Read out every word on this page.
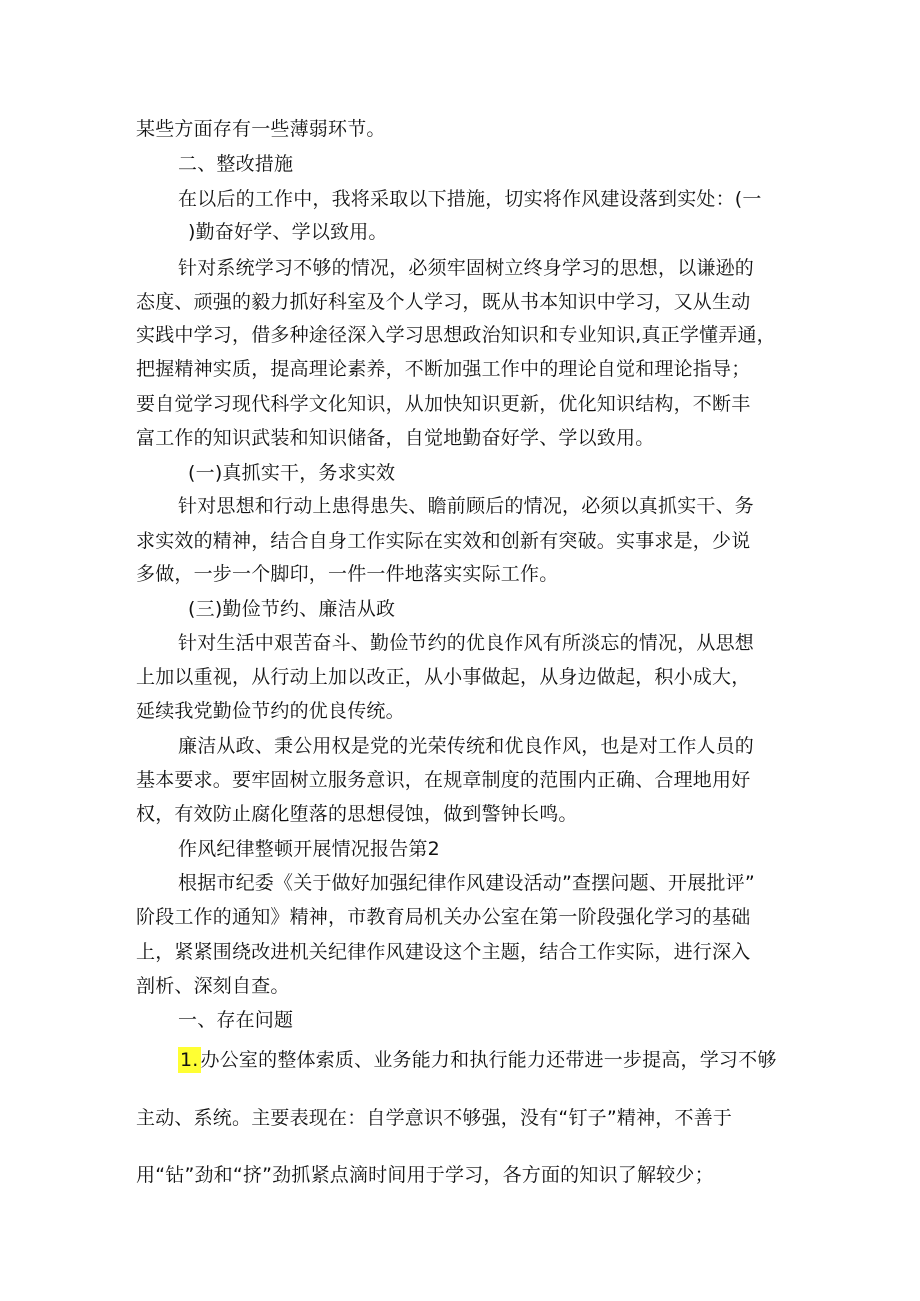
某些方面存有一些薄弱环节。
二、整改措施
在以后的工作中，我将采取以下措施，切实将作风建设落到实处：(一
)勤奋好学、学以致用。
针对系统学习不够的情况，必须牢固树立终身学习的思想，以谦逊的
态度、顽强的毅力抓好科室及个人学习，既从书本知识中学习，又从生动
实践中学习，借多种途径深入学习思想政治知识和专业知识,真正学懂弄通，
把握精神实质，提高理论素养，不断加强工作中的理论自觉和理论指导；
要自觉学习现代科学文化知识，从加快知识更新，优化知识结构，不断丰
富工作的知识武装和知识储备，自觉地勤奋好学、学以致用。
(一)真抓实干，务求实效
针对思想和行动上患得患失、瞻前顾后的情况，必须以真抓实干、务
求实效的精神，结合自身工作实际在实效和创新有突破。实事求是，少说
多做，一步一个脚印，一件一件地落实实际工作。
(三)勤俭节约、廉洁从政
针对生活中艰苦奋斗、勤俭节约的优良作风有所淡忘的情况，从思想
上加以重视，从行动上加以改正，从小事做起，从身边做起，积小成大，
延续我党勤俭节约的优良传统。
廉洁从政、秉公用权是党的光荣传统和优良作风，也是对工作人员的
基本要求。要牢固树立服务意识，在规章制度的范围内正确、合理地用好
权，有效防止腐化堕落的思想侵蚀，做到警钟长鸣。
作风纪律整顿开展情况报告第2
根据市纪委《关于做好加强纪律作风建设活动”查摆问题、开展批评”
阶段工作的通知》精神，市教育局机关办公室在第一阶段强化学习的基础
上，紧紧围绕改进机关纪律作风建设这个主题，结合工作实际，进行深入
剖析、深刻自查。
一、存在问题
1. 办公室的整体索质、业务能力和执行能力还带进一步提高，学习不够
主动、系统。主要表现在：自学意识不够强，没有“钉子”精神，不善于
用“钻”劲和“挤”劲抓紧点滴时间用于学习，各方面的知识了解较少；
